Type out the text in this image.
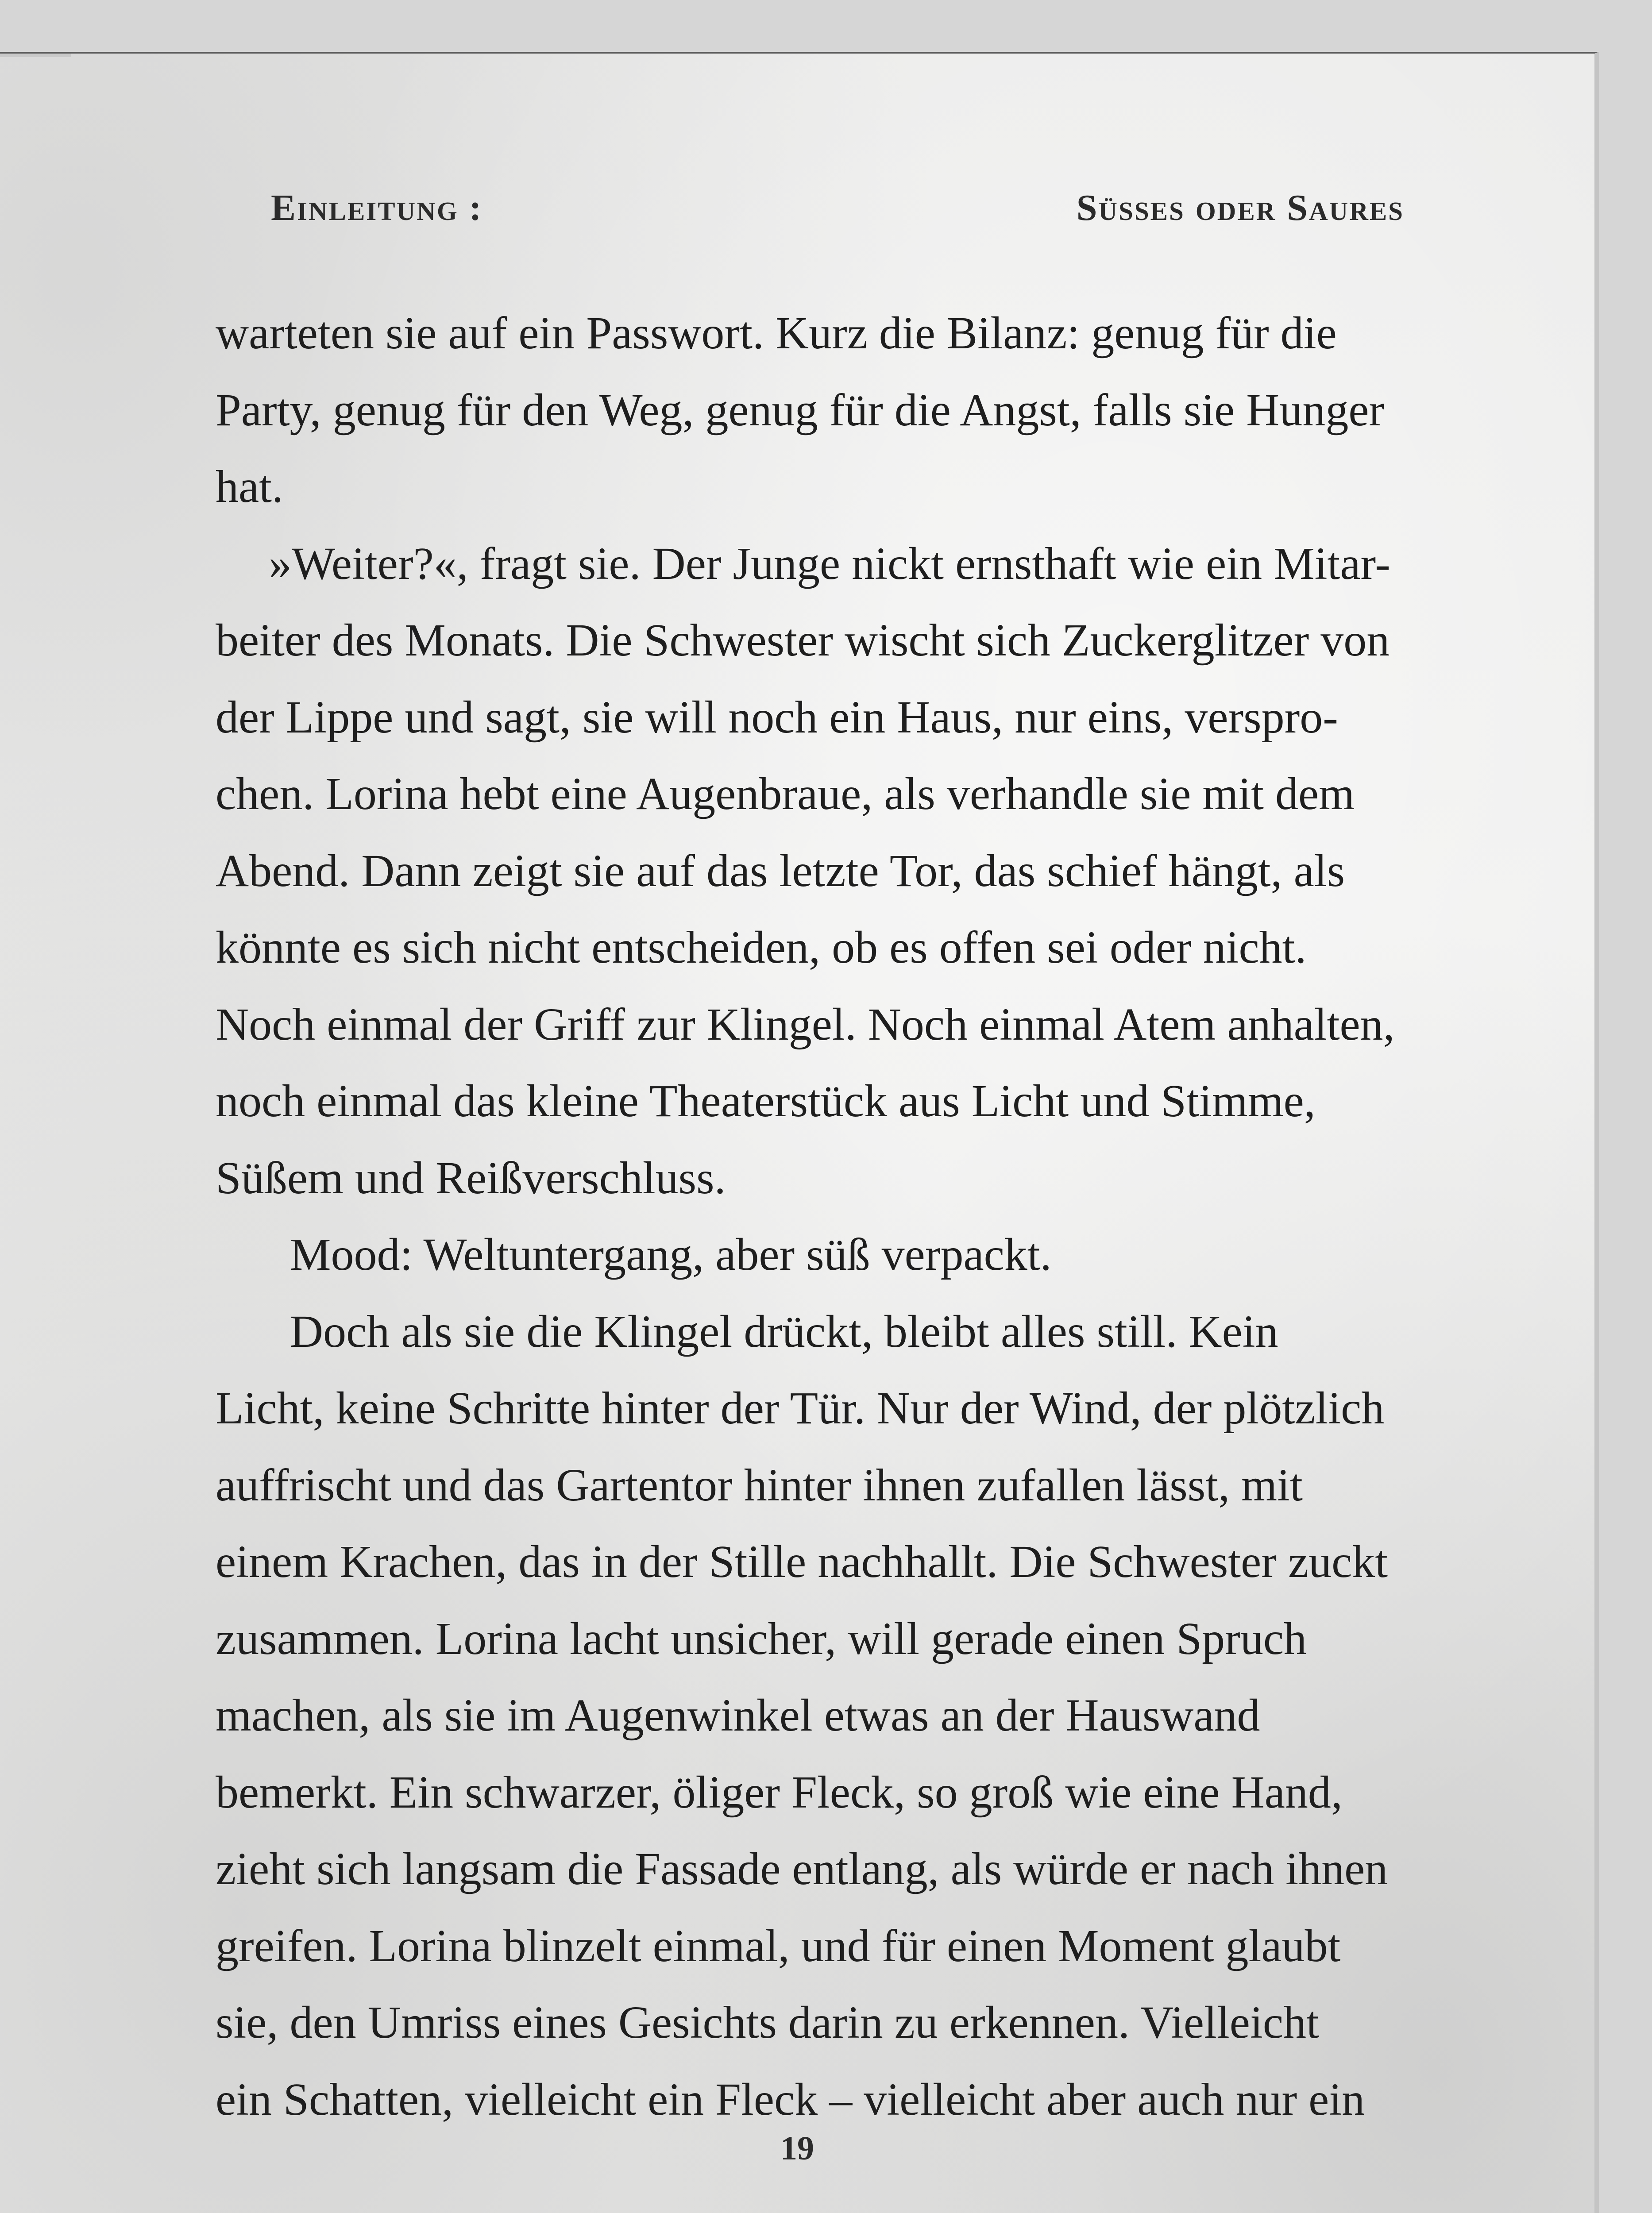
Einleitung :	Süsses oder Saures
warteten sie auf ein Passwort. Kurz die Bilanz: genug für die
Party, genug für den Weg, genug für die Angst, falls sie Hunger
hat.
»Weiter?«, fragt sie. Der Junge nickt ernsthaft wie ein Mitar-
beiter des Monats. Die Schwester wischt sich Zuckerglitzer von
der Lippe und sagt, sie will noch ein Haus, nur eins, verspro-
chen. Lorina hebt eine Augenbraue, als verhandle sie mit dem
Abend. Dann zeigt sie auf das letzte Tor, das schief hängt, als
könnte es sich nicht entscheiden, ob es offen sei oder nicht.
Noch einmal der Griff zur Klingel. Noch einmal Atem anhalten,
noch einmal das kleine Theaterstück aus Licht und Stimme,
Süßem und Reißverschluss.
Mood: Weltuntergang, aber süß verpackt.
Doch als sie die Klingel drückt, bleibt alles still. Kein
Licht, keine Schritte hinter der Tür. Nur der Wind, der plötzlich
auffrischt und das Gartentor hinter ihnen zufallen lässt, mit
einem Krachen, das in der Stille nachhallt. Die Schwester zuckt
zusammen. Lorina lacht unsicher, will gerade einen Spruch
machen, als sie im Augenwinkel etwas an der Hauswand
bemerkt. Ein schwarzer, öliger Fleck, so groß wie eine Hand,
zieht sich langsam die Fassade entlang, als würde er nach ihnen
greifen. Lorina blinzelt einmal, und für einen Moment glaubt
sie, den Umriss eines Gesichts darin zu erkennen. Vielleicht
ein Schatten, vielleicht ein Fleck – vielleicht aber auch nur ein
19
